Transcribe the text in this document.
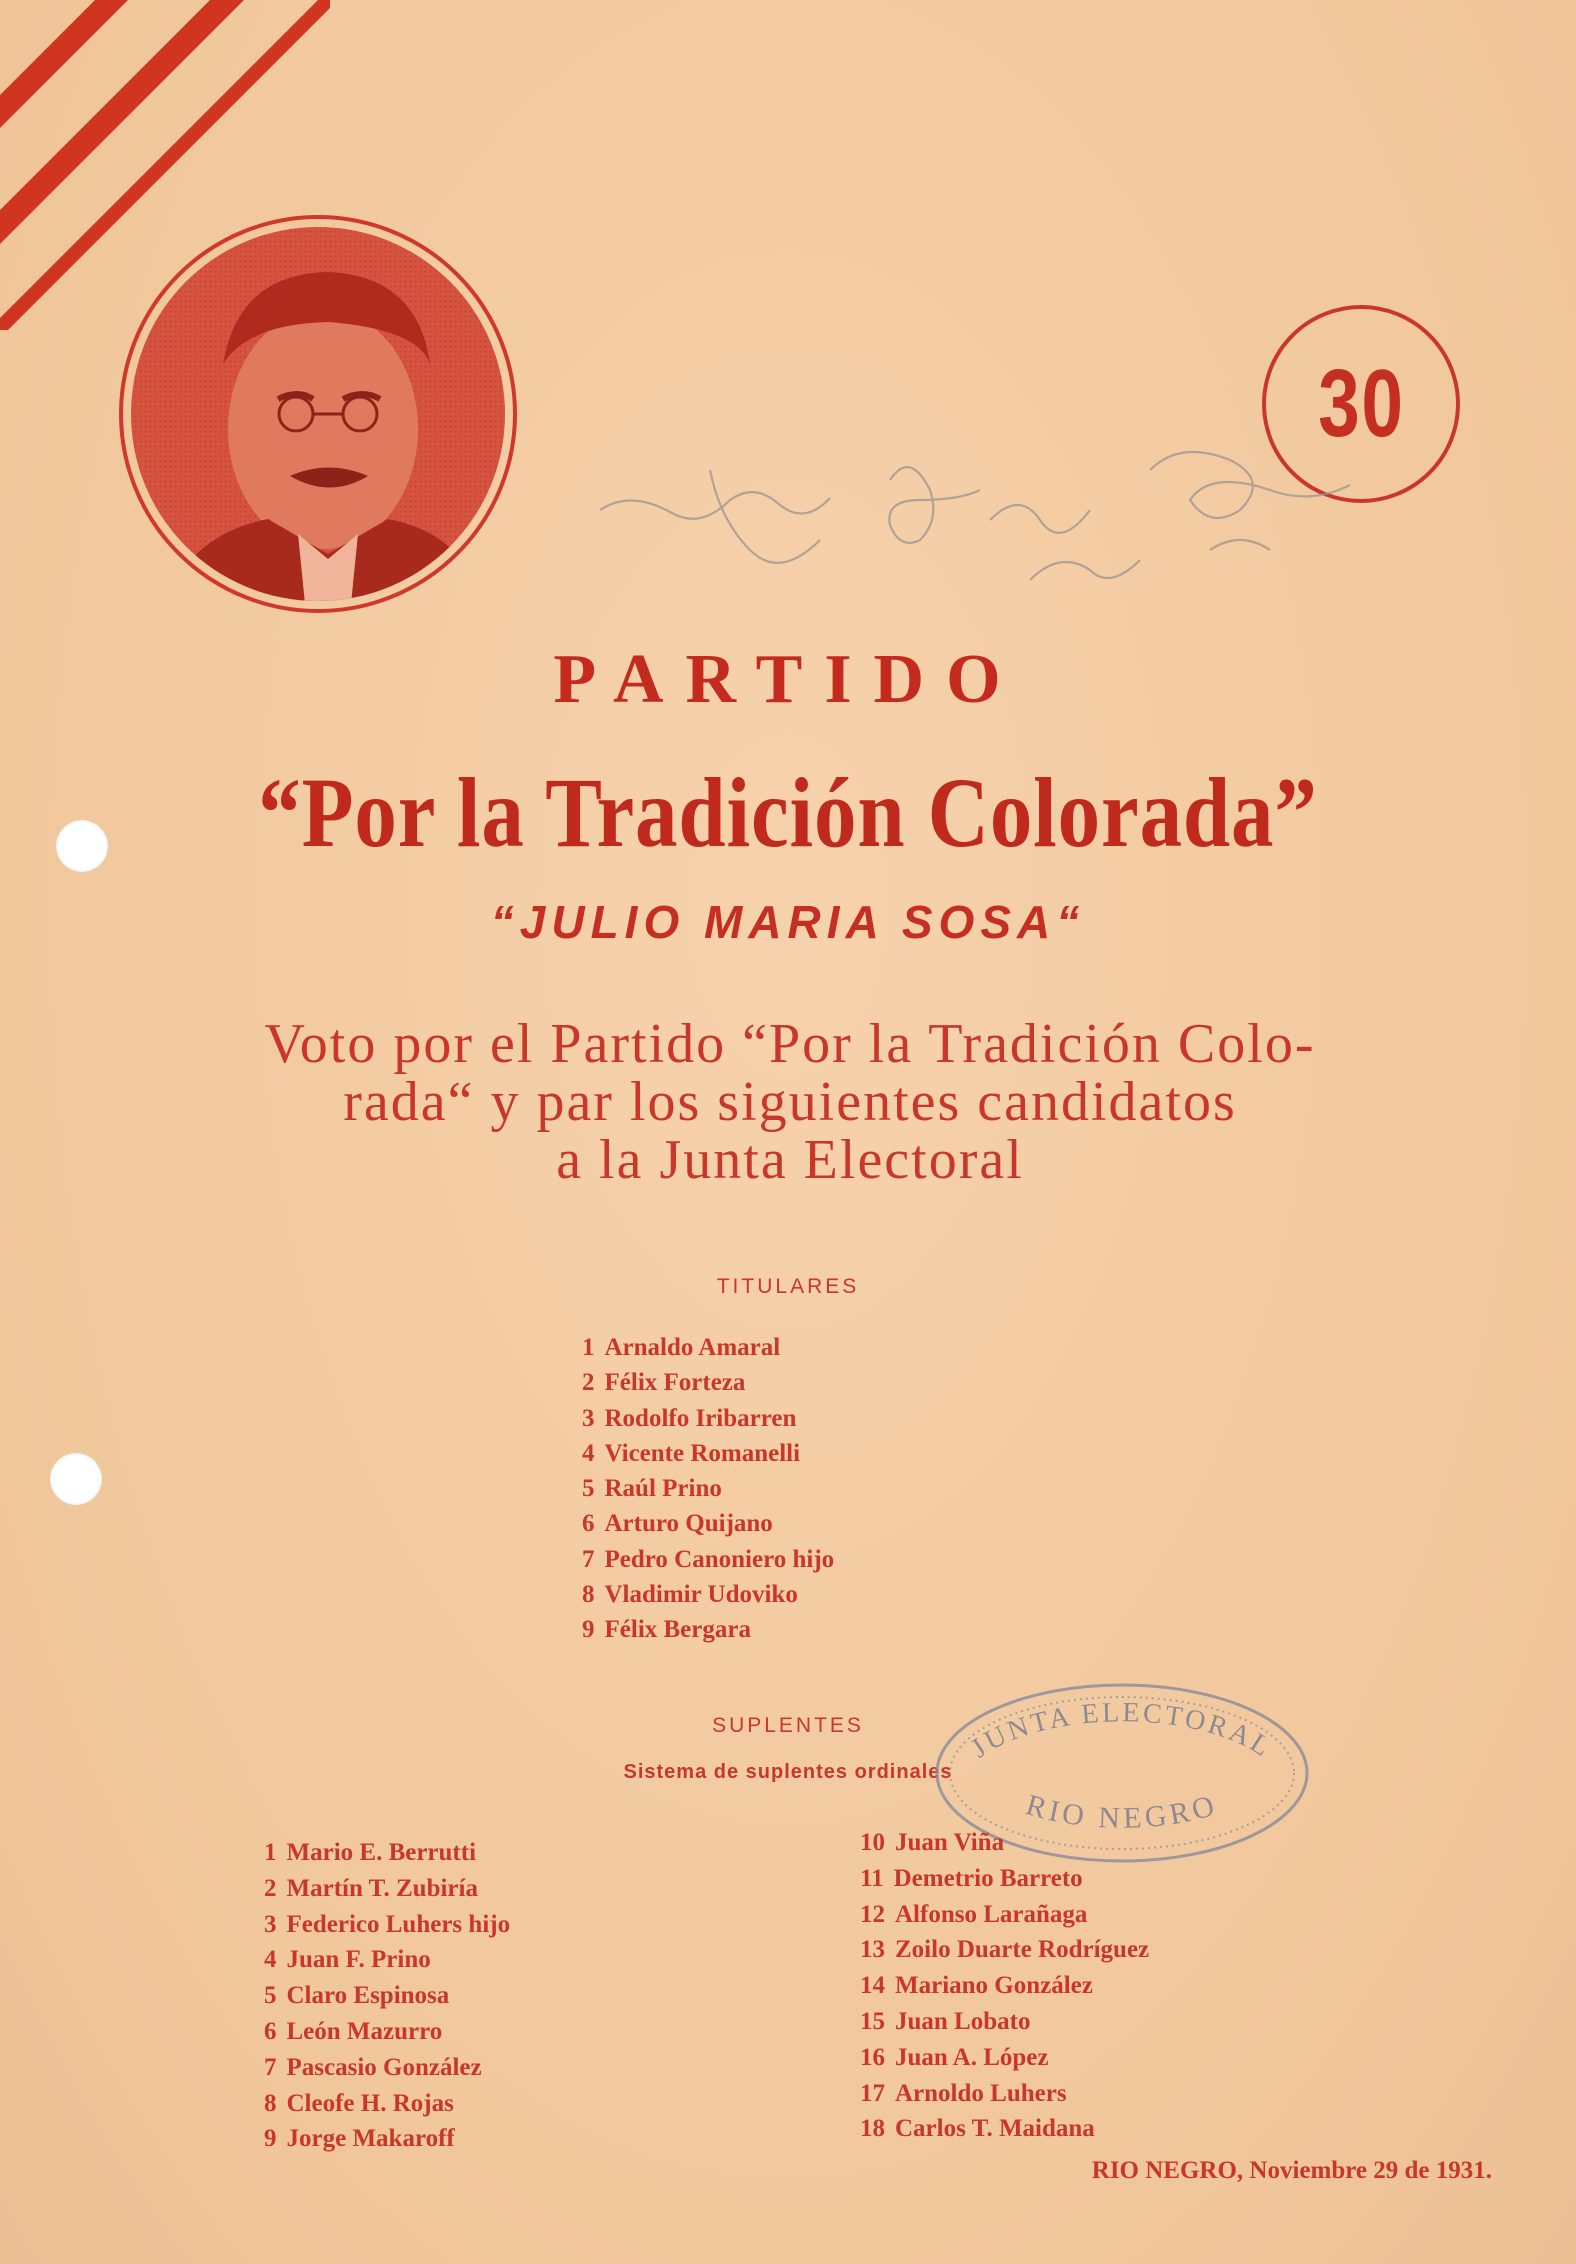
30
PARTIDO
“Por la Tradición Colorada”
“JULIO MARIA SOSA“
Voto por el Partido “Por la Tradición Colo-
rada“ y par los siguientes candidatos
a la Junta Electoral
TITULARES
1 Arnaldo Amaral
2 Félix Forteza
3 Rodolfo Iribarren
4 Vicente Romanelli
5 Raúl Prino
6 Arturo Quijano
7 Pedro Canoniero hijo
8 Vladimir Udoviko
9 Félix Bergara
SUPLENTES
Sistema de suplentes ordinales
JUNTA ELECTORAL
RIO NEGRO
1 Mario E. Berrutti
2 Martín T. Zubiría
3 Federico Luhers hijo
4 Juan F. Prino
5 Claro Espinosa
6 León Mazurro
7 Pascasio González
8 Cleofe H. Rojas
9 Jorge Makaroff
10 Juan Viña
11 Demetrio Barreto
12 Alfonso Larañaga
13 Zoilo Duarte Rodríguez
14 Mariano González
15 Juan Lobato
16 Juan A. López
17 Arnoldo Luhers
18 Carlos T. Maidana
RIO NEGRO, Noviembre 29 de 1931.
